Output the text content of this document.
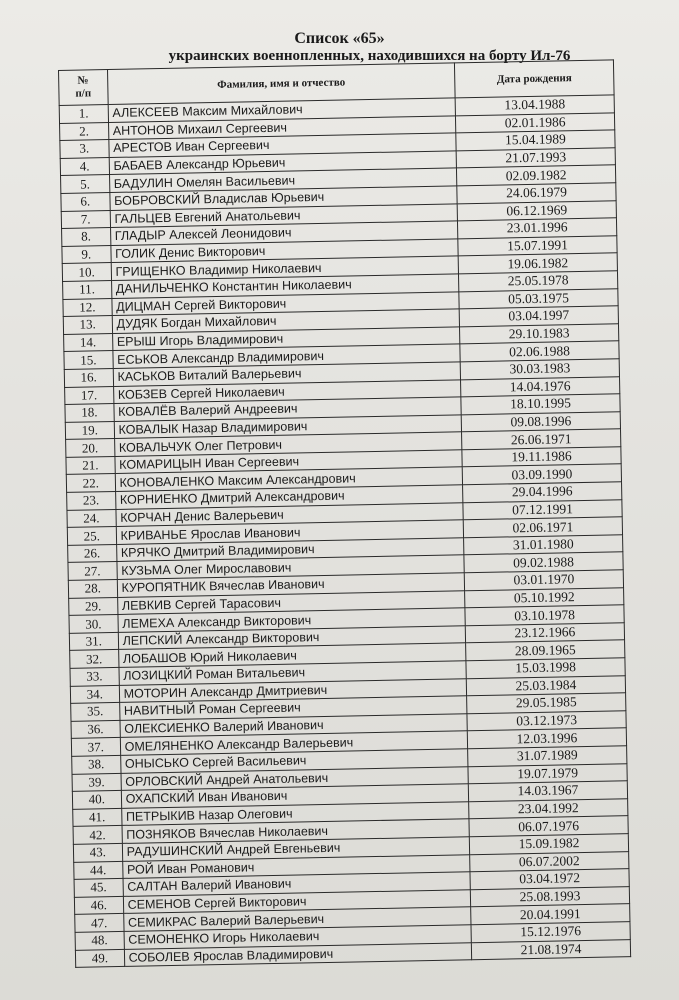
Список «65»
украинских военнопленных, находившихся на борту Ил-76
№
п/п	Фамилия, имя и отчество	Дата рождения
1.	АЛЕКСЕЕВ Максим Михайлович	13.04.1988
2.	АНТОНОВ Михаил Сергеевич	02.01.1986
3.	АРЕСТОВ Иван Сергеевич	15.04.1989
4.	БАБАЕВ Александр Юрьевич	21.07.1993
5.	БАДУЛИН Омелян Васильевич	02.09.1982
6.	БОБРОВСКИЙ Владислав Юрьевич	24.06.1979
7.	ГАЛЬЦЕВ Евгений Анатольевич	06.12.1969
8.	ГЛАДЫР Алексей Леонидович	23.01.1996
9.	ГОЛИК Денис Викторович	15.07.1991
10.	ГРИЩЕНКО Владимир Николаевич	19.06.1982
11.	ДАНИЛЬЧЕНКО Константин Николаевич	25.05.1978
12.	ДИЦМАН Сергей Викторович	05.03.1975
13.	ДУДЯК Богдан Михайлович	03.04.1997
14.	ЕРЫШ Игорь Владимирович	29.10.1983
15.	ЕСЬКОВ Александр Владимирович	02.06.1988
16.	КАСЬКОВ Виталий Валерьевич	30.03.1983
17.	КОБЗЕВ Сергей Николаевич	14.04.1976
18.	КОВАЛЁВ Валерий Андреевич	18.10.1995
19.	КОВАЛЫК Назар Владимирович	09.08.1996
20.	КОВАЛЬЧУК Олег Петрович	26.06.1971
21.	КОМАРИЦЫН Иван Сергеевич	19.11.1986
22.	КОНОВАЛЕНКО Максим Александрович	03.09.1990
23.	КОРНИЕНКО Дмитрий Александрович	29.04.1996
24.	КОРЧАН Денис Валерьевич	07.12.1991
25.	КРИВАНЬЕ Ярослав Иванович	02.06.1971
26.	КРЯЧКО Дмитрий Владимирович	31.01.1980
27.	КУЗЬМА Олег Мирославович	09.02.1988
28.	КУРОПЯТНИК Вячеслав Иванович	03.01.1970
29.	ЛЕВКИВ Сергей Тарасович	05.10.1992
30.	ЛЕМЕХА Александр Викторович	03.10.1978
31.	ЛЕПСКИЙ Александр Викторович	23.12.1966
32.	ЛОБАШОВ Юрий Николаевич	28.09.1965
33.	ЛОЗИЦКИЙ Роман Витальевич	15.03.1998
34.	МОТОРИН Александр Дмитриевич	25.03.1984
35.	НАВИТНЫЙ Роман Сергеевич	29.05.1985
36.	ОЛЕКСИЕНКО Валерий Иванович	03.12.1973
37.	ОМЕЛЯНЕНКО Александр Валерьевич	12.03.1996
38.	ОНЫСЬКО Сергей Васильевич	31.07.1989
39.	ОРЛОВСКИЙ Андрей Анатольевич	19.07.1979
40.	ОХАПСКИЙ Иван Иванович	14.03.1967
41.	ПЕТРЫКИВ Назар Олегович	23.04.1992
42.	ПОЗНЯКОВ Вячеслав Николаевич	06.07.1976
43.	РАДУШИНСКИЙ Андрей Евгеньевич	15.09.1982
44.	РОЙ Иван Романович	06.07.2002
45.	САЛТАН Валерий Иванович	03.04.1972
46.	СЕМЕНОВ Сергей Викторович	25.08.1993
47.	СЕМИКРАС Валерий Валерьевич	20.04.1991
48.	СЕМОНЕНКО Игорь Николаевич	15.12.1976
49.	СОБОЛЕВ Ярослав Владимирович	21.08.1974
